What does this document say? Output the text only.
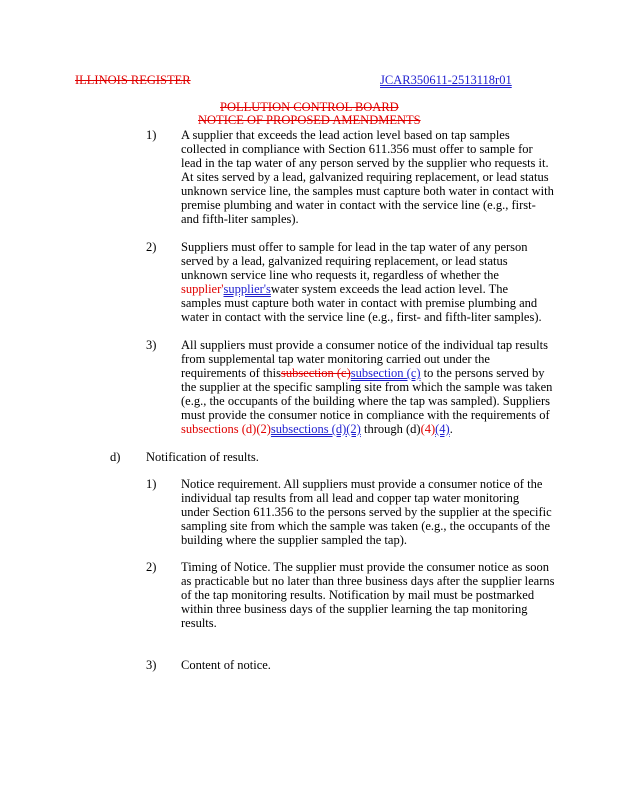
ILLINOIS REGISTER	JCAR350611-2513118r01
POLLUTION CONTROL BOARD
NOTICE OF PROPOSED AMENDMENTS
1) A supplier that exceeds the lead action level based on tap samples
collected in compliance with Section 611.356 must offer to sample for
lead in the tap water of any person served by the supplier who requests it.
At sites served by a lead, galvanized requiring replacement, or lead status
unknown service line, the samples must capture both water in contact with
premise plumbing and water in contact with the service line (e.g., first-
and fifth-liter samples).
2) Suppliers must offer to sample for lead in the tap water of any person
served by a lead, galvanized requiring replacement, or lead status
unknown service line who requests it, regardless of whether the
supplier'supplier'swater system exceeds the lead action level. The
samples must capture both water in contact with premise plumbing and
water in contact with the service line (e.g., first- and fifth-liter samples).
3) All suppliers must provide a consumer notice of the individual tap results
from supplemental tap water monitoring carried out under the
requirements of thissubsection (c)subsection (c) to the persons served by
the supplier at the specific sampling site from which the sample was taken
(e.g., the occupants of the building where the tap was sampled). Suppliers
must provide the consumer notice in compliance with the requirements of
subsections (d)(2)subsections (d)(2) through (d)(4)(4).
d) Notification of results.
1) Notice requirement. All suppliers must provide a consumer notice of the
individual tap results from all lead and copper tap water monitoring
under Section 611.356 to the persons served by the supplier at the specific
sampling site from which the sample was taken (e.g., the occupants of the
building where the supplier sampled the tap).
2) Timing of Notice. The supplier must provide the consumer notice as soon
as practicable but no later than three business days after the supplier learns
of the tap monitoring results. Notification by mail must be postmarked
within three business days of the supplier learning the tap monitoring
results.
3) Content of notice.
